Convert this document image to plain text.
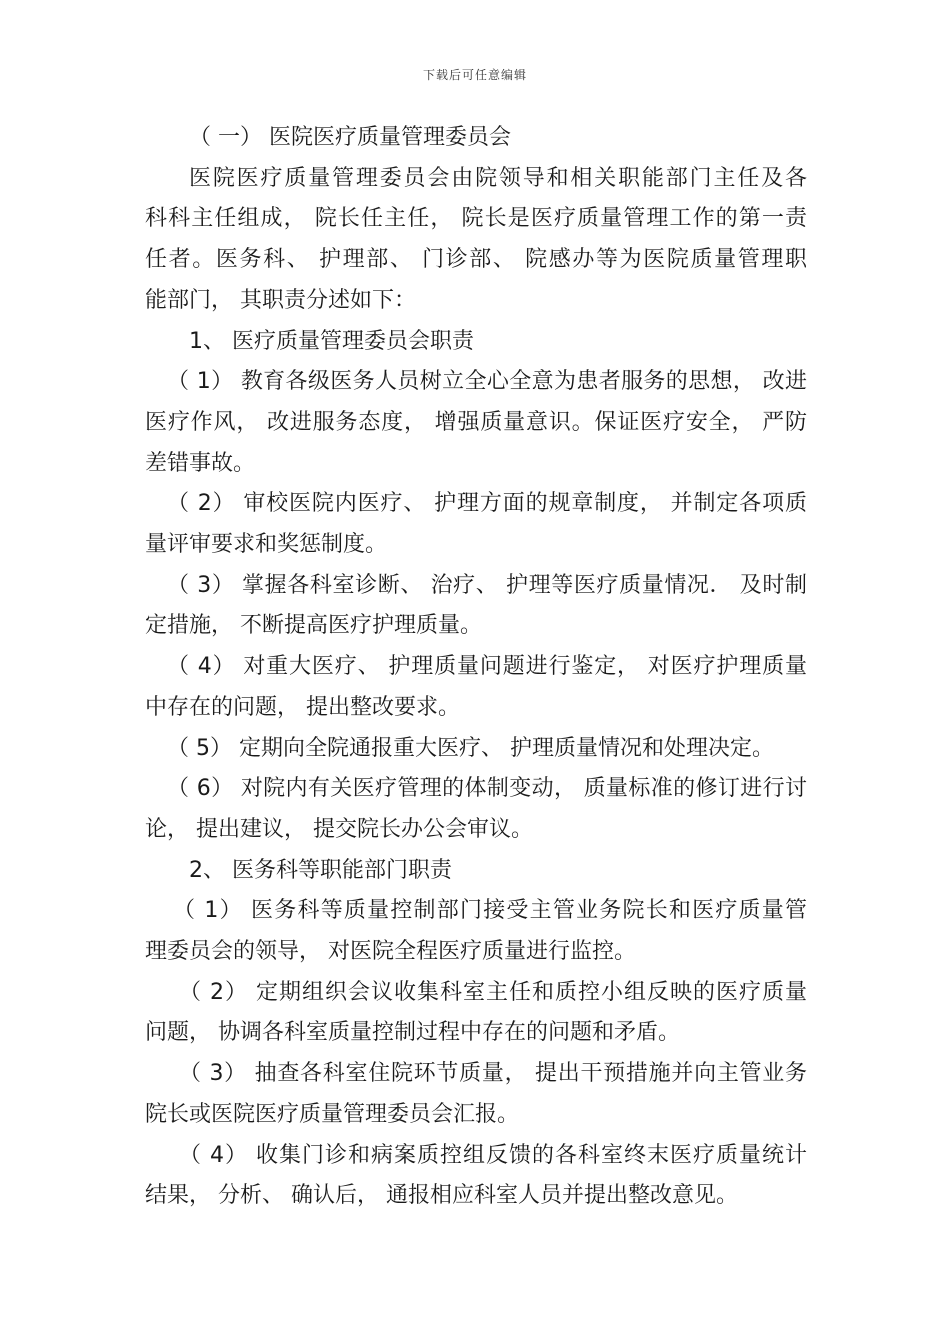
下载后可任意编辑

（ 一） 医院医疗质量管理委员会

医院医疗质量管理委员会由院领导和相关职能部门主任及各

科科主任组成， 院长任主任， 院长是医疗质量管理工作的第一责

任者。医务科、 护理部、 门诊部、 院感办等为医院质量管理职

能部门， 其职责分述如下：

1、 医疗质量管理委员会职责

（ 1） 教育各级医务人员树立全心全意为患者服务的思想， 改进

医疗作风， 改进服务态度， 增强质量意识。保证医疗安全， 严防

差错事故。

（ 2） 审校医院内医疗、 护理方面的规章制度， 并制定各项质

量评审要求和奖惩制度。

（ 3） 掌握各科室诊断、 治疗、 护理等医疗质量情况． 及时制

定措施， 不断提高医疗护理质量。

（ 4） 对重大医疗、 护理质量问题进行鉴定， 对医疗护理质量

中存在的问题， 提出整改要求。

（ 5） 定期向全院通报重大医疗、 护理质量情况和处理决定。

（ 6） 对院内有关医疗管理的体制变动， 质量标准的修订进行讨

论， 提出建议， 提交院长办公会审议。

2、 医务科等职能部门职责

（ 1） 医务科等质量控制部门接受主管业务院长和医疗质量管

理委员会的领导， 对医院全程医疗质量进行监控。

（ 2） 定期组织会议收集科室主任和质控小组反映的医疗质量

问题， 协调各科室质量控制过程中存在的问题和矛盾。

（ 3） 抽查各科室住院环节质量， 提出干预措施并向主管业务

院长或医院医疗质量管理委员会汇报。

（ 4） 收集门诊和病案质控组反馈的各科室终末医疗质量统计

结果， 分析、 确认后， 通报相应科室人员并提出整改意见。
